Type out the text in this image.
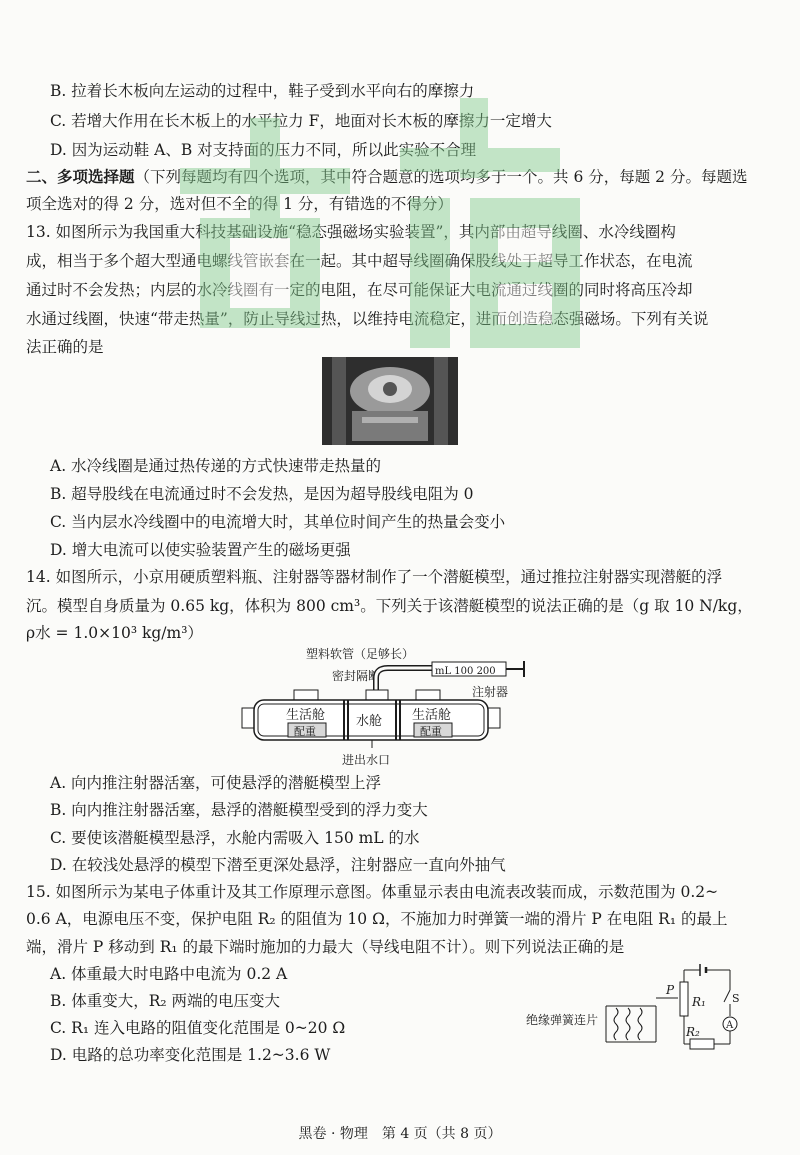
B. 拉着长木板向左运动的过程中，鞋子受到水平向右的摩擦力
C. 若增大作用在长木板上的水平拉力 F，地面对长木板的摩擦力一定增大
D. 因为运动鞋 A、B 对支持面的压力不同，所以此实验不合理
二、多项选择题（下列每题均有四个选项，其中符合题意的选项均多于一个。共 6 分，每题 2 分。每题选
项全选对的得 2 分，选对但不全的得 1 分，有错选的不得分）
13. 如图所示为我国重大科技基础设施“稳态强磁场实验装置”，其内部由超导线圈、水冷线圈构
成，相当于多个超大型通电螺线管嵌套在一起。其中超导线圈确保股线处于超导工作状态，在电流
通过时不会发热；内层的水冷线圈有一定的电阻，在尽可能保证大电流通过线圈的同时将高压冷却
水通过线圈，快速“带走热量”，防止导线过热，以维持电流稳定，进而创造稳态强磁场。下列有关说
法正确的是
A. 水冷线圈是通过热传递的方式快速带走热量的
B. 超导股线在电流通过时不会发热，是因为超导股线电阻为 0
C. 当内层水冷线圈中的电流增大时，其单位时间产生的热量会变小
D. 增大电流可以使实验装置产生的磁场更强
14. 如图所示，小京用硬质塑料瓶、注射器等器材制作了一个潜艇模型，通过推拉注射器实现潜艇的浮
沉。模型自身质量为 0.65 kg，体积为 800 cm³。下列关于该潜艇模型的说法正确的是（g 取 10 N/kg，
ρ水 = 1.0×10³ kg/m³）
塑料软管（足够长）
密封隔断
注射器
mL 100 200
生活舱
配重
水舱 生活舱
配重
进出水口
A. 向内推注射器活塞，可使悬浮的潜艇模型上浮
B. 向内推注射器活塞，悬浮的潜艇模型受到的浮力变大
C. 要使该潜艇模型悬浮，水舱内需吸入 150 mL 的水
D. 在较浅处悬浮的模型下潜至更深处悬浮，注射器应一直向外抽气
15. 如图所示为某电子体重计及其工作原理示意图。体重显示表由电流表改装而成，示数范围为 0.2~
0.6 A，电源电压不变，保护电阻 R₂ 的阻值为 10 Ω，不施加力时弹簧一端的滑片 P 在电阻 R₁ 的最上
端，滑片 P 移动到 R₁ 的最下端时施加的力最大（导线电阻不计）。则下列说法正确的是
A. 体重最大时电路中电流为 0.2 A
B. 体重变大，R₂ 两端的电压变大
C. R₁ 连入电路的阻值变化范围是 0~20 Ω
D. 电路的总功率变化范围是 1.2~3.6 W
绝缘弹簧连片
P
R₁ S
A
R₂
黑卷 · 物理　第 4 页（共 8 页）
